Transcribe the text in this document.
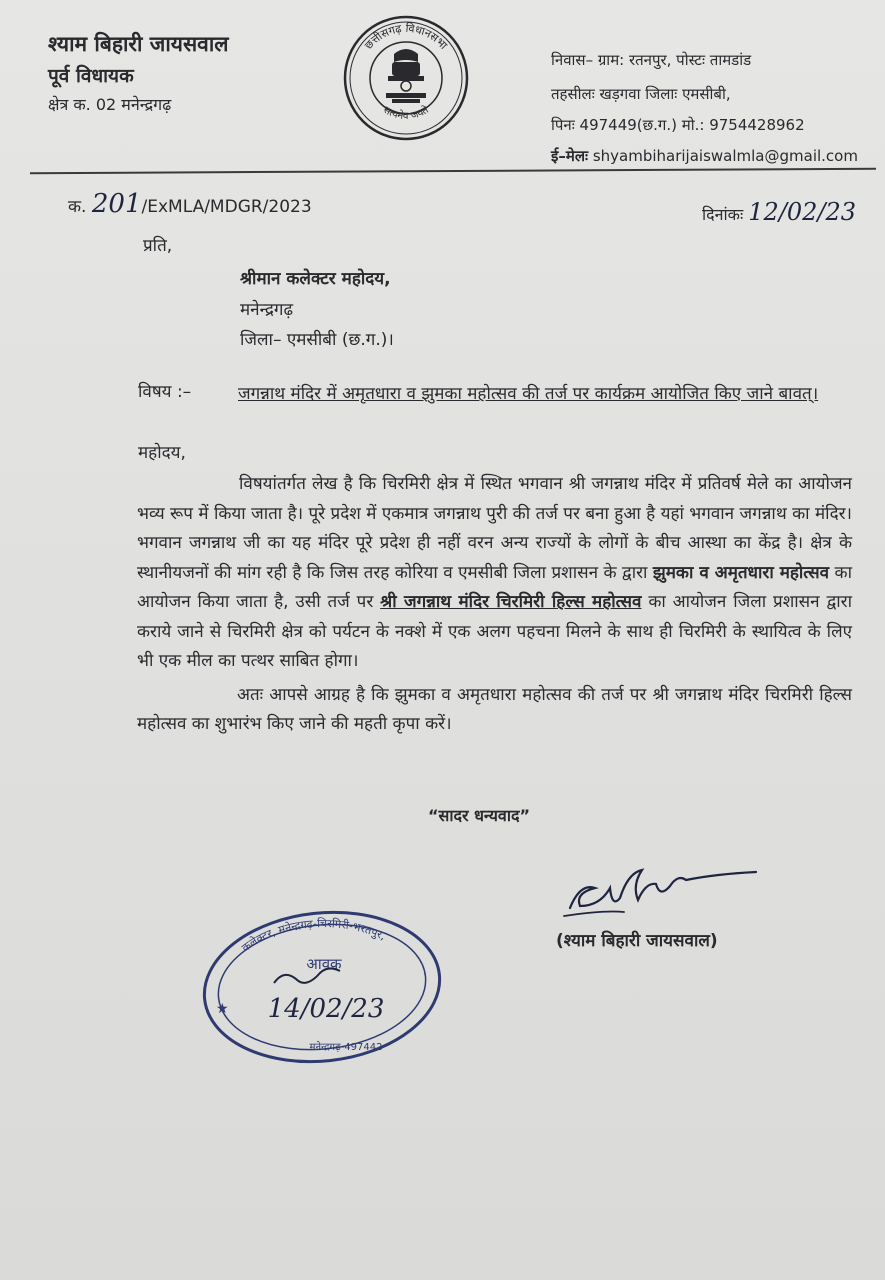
श्याम बिहारी जायसवाल
पूर्व विधायक
क्षेत्र क. 02 मनेन्द्रगढ़
छत्तीसगढ़ विधानसभा
सत्यमेव जयते
निवास– ग्राम: रतनपुर, पोस्टः तामडांड
तहसीलः खड़गवा जिलाः एमसीबी,
पिनः 497449(छ.ग.) मो.: 9754428962
ई–मेलः shyambiharijaiswalmla@gmail.com
क. 201/ExMLA/MDGR/2023	दिनांकः 12/02/23
प्रति,
श्रीमान कलेक्टर महोदय,
मनेन्द्रगढ़
जिला– एमसीबी (छ.ग.)।
विषय :–	जगन्नाथ मंदिर में अमृतधारा व झुमका महोत्सव की तर्ज पर कार्यक्रम आयोजित किए जाने बावत्।
महोदय,

विषयांतर्गत लेख है कि चिरमिरी क्षेत्र में स्थित भगवान श्री जगन्नाथ मंदिर में प्रतिवर्ष मेले का आयोजन भव्य रूप में किया जाता है। पूरे प्रदेश में एकमात्र जगन्नाथ पुरी की तर्ज पर बना हुआ है यहां भगवान जगन्नाथ का मंदिर। भगवान जगन्नाथ जी का यह मंदिर पूरे प्रदेश ही नहीं वरन अन्य राज्यों के लोगों के बीच आस्था का केंद्र है। क्षेत्र के स्थानीयजनों की मांग रही है कि जिस तरह कोरिया व एमसीबी जिला प्रशासन के द्वारा झुमका व अमृतधारा महोत्सव का आयोजन किया जाता है, उसी तर्ज पर श्री जगन्नाथ मंदिर चिरमिरी हिल्स महोत्सव का आयोजन जिला प्रशासन द्वारा कराये जाने से चिरमिरी क्षेत्र को पर्यटन के नक्शे में एक अलग पहचना मिलने के साथ ही चिरमिरी के स्थायित्व के लिए भी एक मील का पत्थर साबित होगा।

अतः आपसे आग्रह है कि झुमका व अमृतधारा महोत्सव की तर्ज पर श्री जगन्नाथ मंदिर चिरमिरी हिल्स महोत्सव का शुभारंभ किए जाने की महती कृपा करें।

“सादर धन्यवाद”
(श्याम बिहारी जायसवाल)
कलेक्टर, मनेन्द्रगढ़-चिरमिरी-भरतपुर,
आवक
14/02/23
मनेन्द्रगढ़-497442
★
